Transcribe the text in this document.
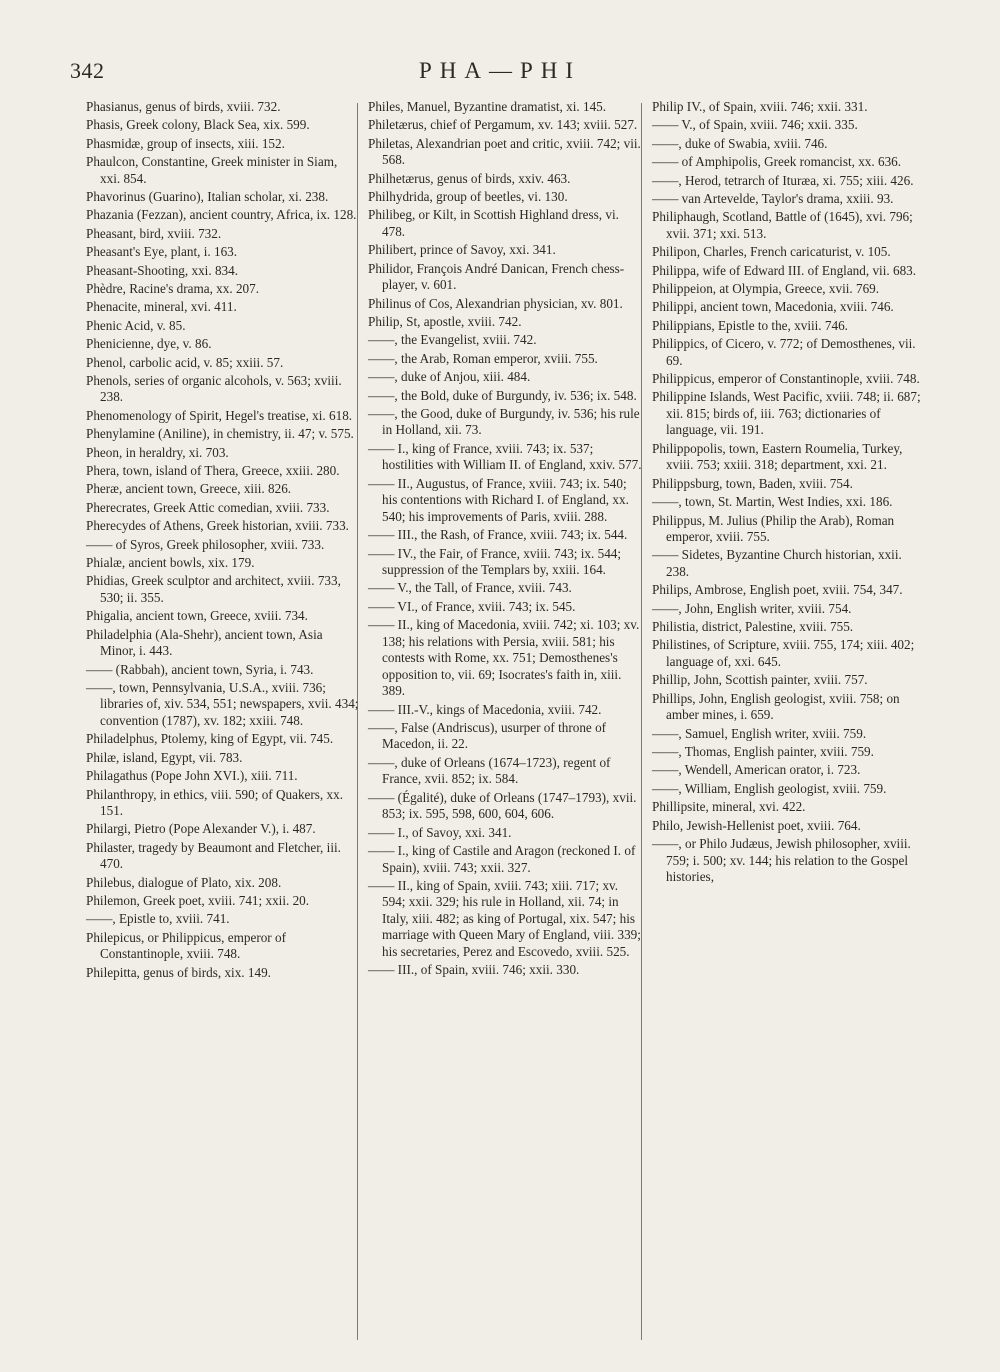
342	PHA—PHI

Phasianus, genus of birds, xviii. 732.

Phasis, Greek colony, Black Sea, xix. 599.

Phasmidæ, group of insects, xiii. 152.

Phaulcon, Constantine, Greek minister in Siam, xxi. 854.

Phavorinus (Guarino), Italian scholar, xi. 238.

Phazania (Fezzan), ancient country, Africa, ix. 128.

Pheasant, bird, xviii. 732.

Pheasant's Eye, plant, i. 163.

Pheasant-Shooting, xxi. 834.

Phèdre, Racine's drama, xx. 207.

Phenacite, mineral, xvi. 411.

Phenic Acid, v. 85.

Phenicienne, dye, v. 86.

Phenol, carbolic acid, v. 85; xxiii. 57.

Phenols, series of organic alcohols, v. 563; xviii. 238.

Phenomenology of Spirit, Hegel's treatise, xi. 618.

Phenylamine (Aniline), in chemistry, ii. 47; v. 575.

Pheon, in heraldry, xi. 703.

Phera, town, island of Thera, Greece, xxiii. 280.

Pheræ, ancient town, Greece, xiii. 826.

Pherecrates, Greek Attic comedian, xviii. 733.

Pherecydes of Athens, Greek historian, xviii. 733.

—— of Syros, Greek philosopher, xviii. 733.

Phialæ, ancient bowls, xix. 179.

Phidias, Greek sculptor and architect, xviii. 733, 530; ii. 355.

Phigalia, ancient town, Greece, xviii. 734.

Philadelphia (Ala-Shehr), ancient town, Asia Minor, i. 443.

—— (Rabbah), ancient town, Syria, i. 743.

——, town, Pennsylvania, U.S.A., xviii. 736; libraries of, xiv. 534, 551; newspapers, xvii. 434; convention (1787), xv. 182; xxiii. 748.

Philadelphus, Ptolemy, king of Egypt, vii. 745.

Philæ, island, Egypt, vii. 783.

Philagathus (Pope John XVI.), xiii. 711.

Philanthropy, in ethics, viii. 590; of Quakers, xx. 151.

Philargi, Pietro (Pope Alexander V.), i. 487.

Philaster, tragedy by Beaumont and Fletcher, iii. 470.

Philebus, dialogue of Plato, xix. 208.

Philemon, Greek poet, xviii. 741; xxii. 20.

——, Epistle to, xviii. 741.

Philepicus, or Philippicus, emperor of Constantinople, xviii. 748.

Philepitta, genus of birds, xix. 149.

Philes, Manuel, Byzantine dramatist, xi. 145.

Philetærus, chief of Pergamum, xv. 143; xviii. 527.

Philetas, Alexandrian poet and critic, xviii. 742; vii. 568.

Philhetærus, genus of birds, xxiv. 463.

Philhydrida, group of beetles, vi. 130.

Philibeg, or Kilt, in Scottish Highland dress, vi. 478.

Philibert, prince of Savoy, xxi. 341.

Philidor, François André Danican, French chess-player, v. 601.

Philinus of Cos, Alexandrian physician, xv. 801.

Philip, St, apostle, xviii. 742.

——, the Evangelist, xviii. 742.

——, the Arab, Roman emperor, xviii. 755.

——, duke of Anjou, xiii. 484.

——, the Bold, duke of Burgundy, iv. 536; ix. 548.

——, the Good, duke of Burgundy, iv. 536; his rule in Holland, xii. 73.

—— I., king of France, xviii. 743; ix. 537; hostilities with William II. of England, xxiv. 577.

—— II., Augustus, of France, xviii. 743; ix. 540; his contentions with Richard I. of England, xx. 540; his improvements of Paris, xviii. 288.

—— III., the Rash, of France, xviii. 743; ix. 544.

—— IV., the Fair, of France, xviii. 743; ix. 544; suppression of the Templars by, xxiii. 164.

—— V., the Tall, of France, xviii. 743.

—— VI., of France, xviii. 743; ix. 545.

—— II., king of Macedonia, xviii. 742; xi. 103; xv. 138; his relations with Persia, xviii. 581; his contests with Rome, xx. 751; Demosthenes's opposition to, vii. 69; Isocrates's faith in, xiii. 389.

—— III.-V., kings of Macedonia, xviii. 742.

——, False (Andriscus), usurper of throne of Macedon, ii. 22.

——, duke of Orleans (1674–1723), regent of France, xvii. 852; ix. 584.

—— (Égalité), duke of Orleans (1747–1793), xvii. 853; ix. 595, 598, 600, 604, 606.

—— I., of Savoy, xxi. 341.

—— I., king of Castile and Aragon (reckoned I. of Spain), xviii. 743; xxii. 327.

—— II., king of Spain, xviii. 743; xiii. 717; xv. 594; xxii. 329; his rule in Holland, xii. 74; in Italy, xiii. 482; as king of Portugal, xix. 547; his marriage with Queen Mary of England, viii. 339; his secretaries, Perez and Escovedo, xviii. 525.

—— III., of Spain, xviii. 746; xxii. 330.

Philip IV., of Spain, xviii. 746; xxii. 331.

—— V., of Spain, xviii. 746; xxii. 335.

——, duke of Swabia, xviii. 746.

—— of Amphipolis, Greek romancist, xx. 636.

——, Herod, tetrarch of Ituræa, xi. 755; xiii. 426.

—— van Artevelde, Taylor's drama, xxiii. 93.

Philiphaugh, Scotland, Battle of (1645), xvi. 796; xvii. 371; xxi. 513.

Philipon, Charles, French caricaturist, v. 105.

Philippa, wife of Edward III. of England, vii. 683.

Philippeion, at Olympia, Greece, xvii. 769.

Philippi, ancient town, Macedonia, xviii. 746.

Philippians, Epistle to the, xviii. 746.

Philippics, of Cicero, v. 772; of Demosthenes, vii. 69.

Philippicus, emperor of Constantinople, xviii. 748.

Philippine Islands, West Pacific, xviii. 748; ii. 687; xii. 815; birds of, iii. 763; dictionaries of language, vii. 191.

Philippopolis, town, Eastern Roumelia, Turkey, xviii. 753; xxiii. 318; department, xxi. 21.

Philippsburg, town, Baden, xviii. 754.

——, town, St. Martin, West Indies, xxi. 186.

Philippus, M. Julius (Philip the Arab), Roman emperor, xviii. 755.

—— Sidetes, Byzantine Church historian, xxii. 238.

Philips, Ambrose, English poet, xviii. 754, 347.

——, John, English writer, xviii. 754.

Philistia, district, Palestine, xviii. 755.

Philistines, of Scripture, xviii. 755, 174; xiii. 402; language of, xxi. 645.

Phillip, John, Scottish painter, xviii. 757.

Phillips, John, English geologist, xviii. 758; on amber mines, i. 659.

——, Samuel, English writer, xviii. 759.

——, Thomas, English painter, xviii. 759.

——, Wendell, American orator, i. 723.

——, William, English geologist, xviii. 759.

Phillipsite, mineral, xvi. 422.

Philo, Jewish-Hellenist poet, xviii. 764.

——, or Philo Judæus, Jewish philosopher, xviii. 759; i. 500; xv. 144; his relation to the Gospel histories,
